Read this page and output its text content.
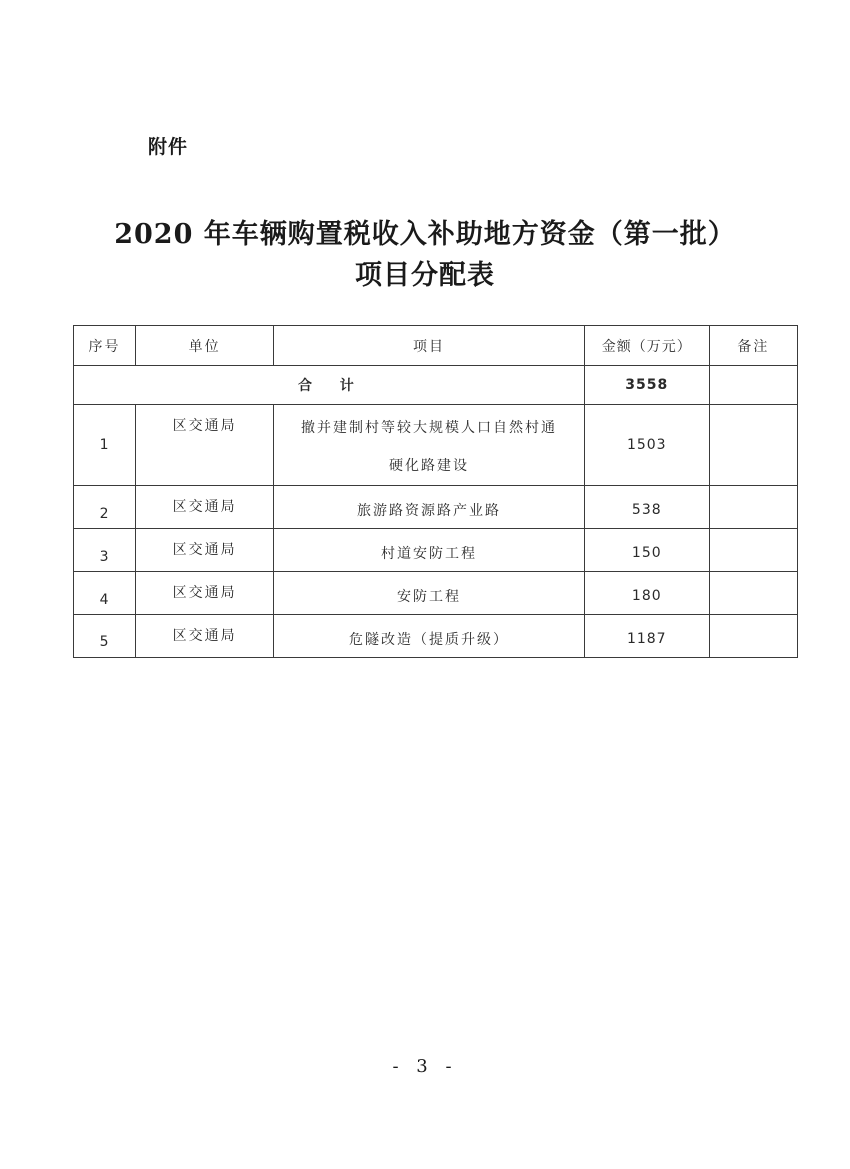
附件
2020 年车辆购置税收入补助地方资金（第一批）
项目分配表
序号	单位	项目	金额（万元）	备注
合  计			3558	
1	区交通局	撤并建制村等较大规模人口自然村通硬化路建设	1503	
2	区交通局	旅游路资源路产业路	538	
3	区交通局	村道安防工程	150	
4	区交通局	安防工程	180	
5	区交通局	危隧改造（提质升级）	1187	
- 3 -
